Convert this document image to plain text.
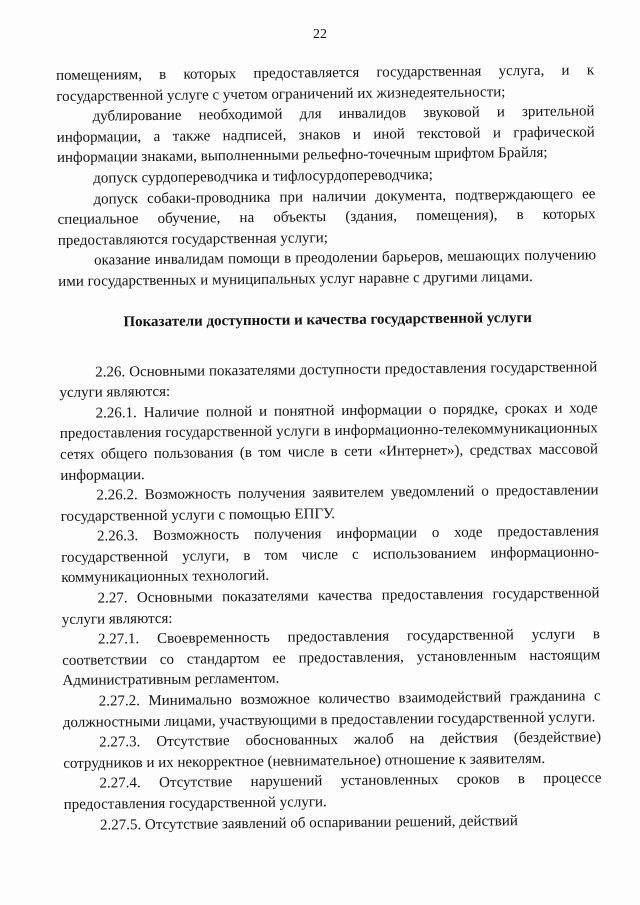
22

помещениям, в которых предоставляется государственная услуга, и к государственной услуге с учетом ограничений их жизнедеятельности;

дублирование необходимой для инвалидов звуковой и зрительной информации, а также надписей, знаков и иной текстовой и графической информации знаками, выполненными рельефно-точечным шрифтом Брайля;

допуск сурдопереводчика и тифлосурдопереводчика;

допуск собаки-проводника при наличии документа, подтверждающего ее специальное обучение, на объекты (здания, помещения), в которых предоставляются государственная услуги;

оказание инвалидам помощи в преодолении барьеров, мешающих получению ими государственных и муниципальных услуг наравне с другими лицами.

Показатели доступности и качества государственной услуги

2.26. Основными показателями доступности предоставления государственной услуги являются:

2.26.1. Наличие полной и понятной информации о порядке, сроках и ходе предоставления государственной услуги в информационно-телекоммуникационных сетях общего пользования (в том числе в сети «Интернет»), средствах массовой информации.

2.26.2. Возможность получения заявителем уведомлений о предоставлении государственной услуги с помощью ЕПГУ.

2.26.3. Возможность получения информации о ходе предоставления государственной услуги, в том числе с использованием информационно-коммуникационных технологий.

2.27. Основными показателями качества предоставления государственной услуги являются:

2.27.1. Своевременность предоставления государственной услуги в соответствии со стандартом ее предоставления, установленным настоящим Административным регламентом.

2.27.2. Минимально возможное количество взаимодействий гражданина с должностными лицами, участвующими в предоставлении государственной услуги.

2.27.3. Отсутствие обоснованных жалоб на действия (бездействие) сотрудников и их некорректное (невнимательное) отношение к заявителям.

2.27.4. Отсутствие нарушений установленных сроков в процессе предоставления государственной услуги.

2.27.5. Отсутствие заявлений об оспаривании решений, действий
